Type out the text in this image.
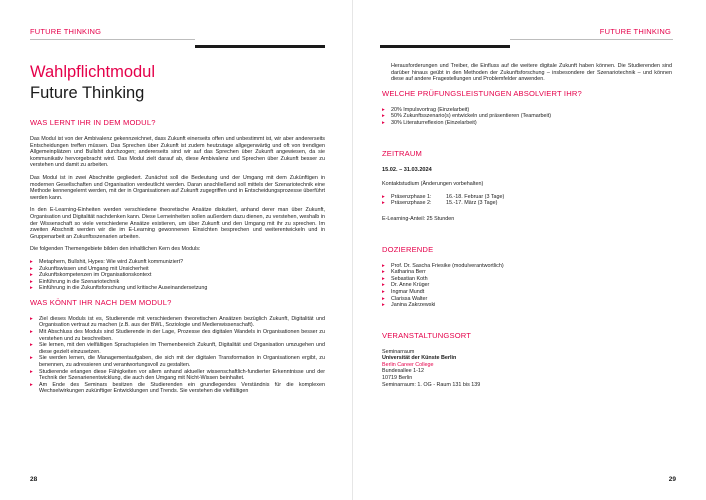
FUTURE THINKING
Wahlpflichtmodul
Future Thinking
WAS LERNT IHR IN DEM MODUL?

Das Modul ist von der Ambivalenz gekennzeichnet, dass Zukunft einerseits offen und unbestimmt ist, wir aber andererseits Entscheidungen treffen müssen. Das Sprechen über Zukunft ist zudem heutzutage allgegenwärtig und oft von trendigen Allgemeinplätzen und Bullshit durchzogen; andererseits sind wir auf das Sprechen über Zukunft angewiesen, da sie kommunikativ hervorgebracht wird. Das Modul zielt darauf ab, diese Ambivalenz und Sprechen über Zukunft besser zu verstehen und damit zu arbeiten.

Das Modul ist in zwei Abschnitte gegliedert. Zunächst soll die Bedeutung und der Umgang mit dem Zukünftigen in modernen Gesellschaften und Organisation verdeutlicht werden. Daran anschließend soll mittels der Szenariotechnik eine Methode kennengelernt werden, mit der in Organisationen auf Zukunft zugegriffen und in Entscheidungsprozesse überführt werden kann.

In den E-Learning-Einheiten werden verschiedene theoretische Ansätze diskutiert, anhand derer man über Zukunft, Organisation und Digitalität nachdenken kann. Diese Lerneinheiten sollen außerdem dazu dienen, zu verstehen, weshalb in der Wissenschaft so viele verschiedene Ansätze existieren, um über Zukunft und den Umgang mit ihr zu sprechen. Im zweiten Abschnitt werden wir die im E-Learning gewonnenen Einsichten besprechen und weiterentwickeln und in Gruppenarbeit an Zukunftsszenarien arbeiten.

Die folgenden Themengebiete bilden den inhaltlichen Kern des Moduls:

▸ Metaphern, Bullshit, Hypes: Wie wird Zukunft kommuniziert?
▸ Zukunftswissen und Umgang mit Unsicherheit
▸ Zukunftskompetenzen im Organisationskontext
▸ Einführung in die Szenariotechnik
▸ Einführung in die Zukunftsforschung und kritische Auseinandersetzung
WAS KÖNNT IHR NACH DEM MODUL?
▸ Ziel dieses Moduls ist es, Studierende mit verschiedenen theoretischen Ansätzen bezüglich Zukunft, Digitalität und Organisation vertraut zu machen (z.B. aus der BWL, Soziologie und Medienwissenschaft).
▸ Mit Abschluss des Moduls sind Studierende in der Lage, Prozesse des digitalen Wandels in Organisationen besser zu verstehen und zu beschreiben.
▸ Sie lernen, mit den vielfältigen Sprachspielen im Themenbereich Zukunft, Digitalität und Organisation umzugehen und diese gezielt einzusetzen.
▸ Sie werden lernen, die Managementaufgaben, die sich mit der digitalen Transformation in Organisationen ergibt, zu benennen, zu adressieren und verantwortungsvoll zu gestalten.
▸ Studierende erlangen diese Fähigkeiten vor allem anhand aktueller wissenschaftlich-fundierter Erkenntnisse und der Technik der Szenarienentwicklung, die auch den Umgang mit Nicht-Wissen beinhaltet.
▸ Am Ende des Seminars besitzen die Studierenden ein grundlegendes Verständnis für die komplexen Wechselwirkungen zukünftiger Entwicklungen und Trends. Sie verstehen die vielfältigen
28
FUTURE THINKING
Herausforderungen und Treiber, die Einfluss auf die weitere digitale Zukunft haben können. Die Studierenden sind darüber hinaus geübt in den Methoden der Zukunftsforschung – insbesondere der Szenariotechnik – und können diese auf andere Fragestellungen und Problemfelder anwenden.
WELCHE PRÜFUNGSLEISTUNGEN ABSOLVIERT IHR?
▸ 20% Impulsvortrag (Einzelarbeit)
▸ 50% Zukunftsszenario(s) entwickeln und präsentieren (Teamarbeit)
▸ 30% Literaturreflexion (Einzelarbeit)
ZEITRAUM

15.02. – 31.03.2024

Kontaktstudium (Änderungen vorbehalten)

▸ Präsenzphase 1:	16.-18. Februar (3 Tage)
▸ Präsenzphase 2:	15.-17. März (3 Tage)

E-Learning-Anteil: 25 Stunden

DOZIERENDE
▸ Prof. Dr. Sascha Friesike (modulverantwortlich)
▸ Katharina Berr
▸ Sebastian Koth
▸ Dr. Anne Krüger
▸ Ingmar Mundt
▸ Clarissa Walter
▸ Janina Zakrzewski
VERANSTALTUNGSORT

Seminarraum

Universität der Künste Berlin

Berlin Career College

Bundesallee 1-12

10719 Berlin

Seminarraum: 1. OG - Raum 131 bis 139

29
